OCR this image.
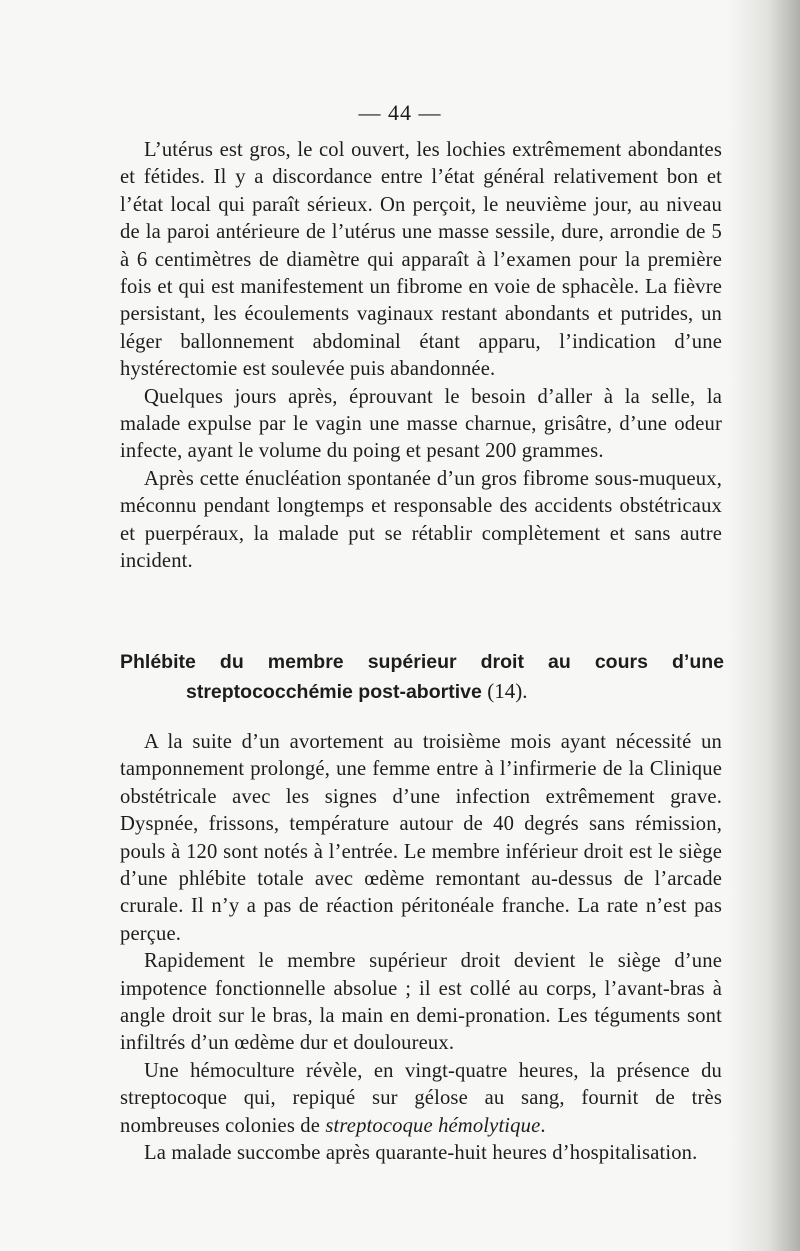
— 44 —

L’utérus est gros, le col ouvert, les lochies extrêmement abondantes et fétides. Il y a discordance entre l’état général relativement bon et l’état local qui paraît sérieux. On perçoit, le neuvième jour, au niveau de la paroi antérieure de l’utérus une masse sessile, dure, arrondie de 5 à 6 centimètres de diamètre qui apparaît à l’examen pour la première fois et qui est manifestement un fibrome en voie de sphacèle. La fièvre persistant, les écoulements vaginaux restant abondants et putrides, un léger ballonnement abdominal étant apparu, l’indication d’une hystérectomie est soulevée puis abandonnée.

Quelques jours après, éprouvant le besoin d’aller à la selle, la malade expulse par le vagin une masse charnue, grisâtre, d’une odeur infecte, ayant le volume du poing et pesant 200 grammes.

Après cette énucléation spontanée d’un gros fibrome sous-muqueux, méconnu pendant longtemps et responsable des accidents obstétricaux et puerpéraux, la malade put se rétablir complètement et sans autre incident.

Phlébite du membre supérieur droit au cours d’une
streptococchémie post-abortive (14).

A la suite d’un avortement au troisième mois ayant nécessité un tamponnement prolongé, une femme entre à l’infirmerie de la Clinique obstétricale avec les signes d’une infection extrêmement grave. Dyspnée, frissons, température autour de 40 degrés sans rémission, pouls à 120 sont notés à l’entrée. Le membre inférieur droit est le siège d’une phlébite totale avec œdème remontant au-dessus de l’arcade crurale. Il n’y a pas de réaction péritonéale franche. La rate n’est pas perçue.

Rapidement le membre supérieur droit devient le siège d’une impotence fonctionnelle absolue ; il est collé au corps, l’avant-bras à angle droit sur le bras, la main en demi-pronation. Les téguments sont infiltrés d’un œdème dur et douloureux.

Une hémoculture révèle, en vingt-quatre heures, la présence du streptocoque qui, repiqué sur gélose au sang, fournit de très nombreuses colonies de streptocoque hémolytique.

La malade succombe après quarante-huit heures d’hospitalisation.
